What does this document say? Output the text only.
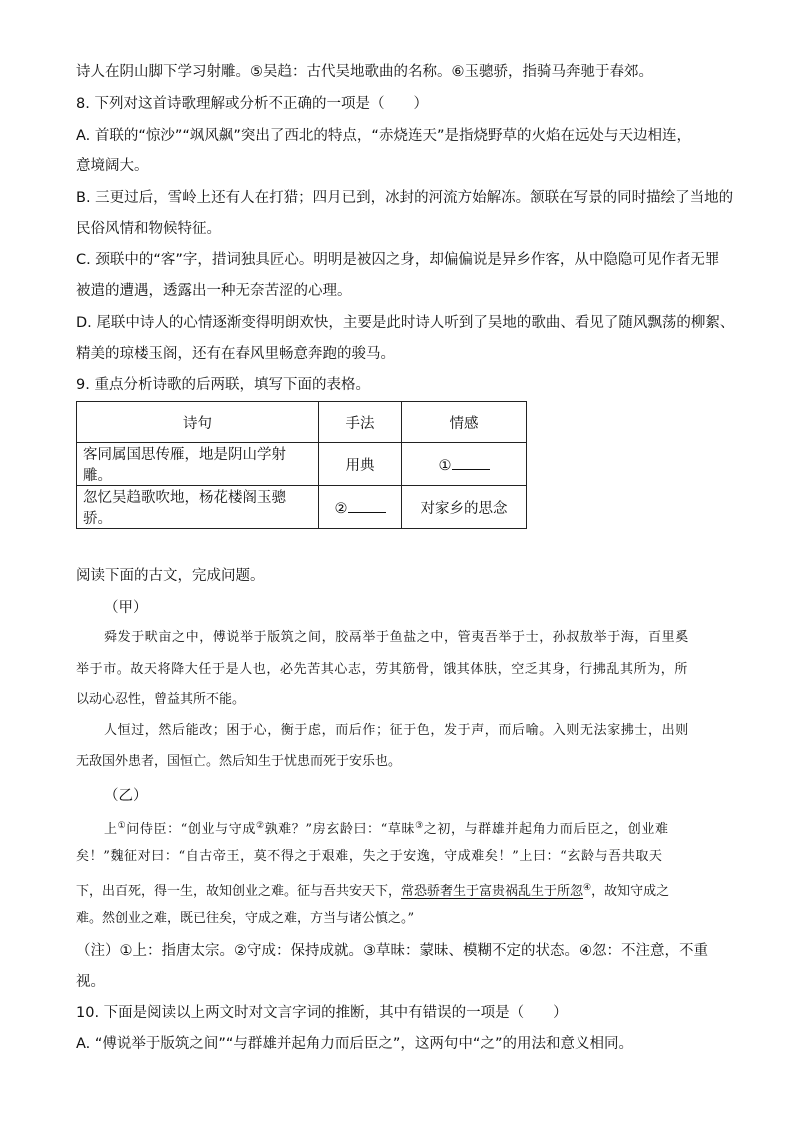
诗人在阴山脚下学习射雕。⑤吴趋：古代吴地歌曲的名称。⑥玉骢骄，指骑马奔驰于春郊。
8. 下列对这首诗歌理解或分析不正确的一项是（　　）
A. 首联的“惊沙”“飒风飙”突出了西北的特点，“赤烧连天”是指烧野草的火焰在远处与天边相连，
意境阔大。
B. 三更过后，雪岭上还有人在打猎；四月已到，冰封的河流方始解冻。颔联在写景的同时描绘了当地的
民俗风情和物候特征。
C. 颈联中的“客”字，措词独具匠心。明明是被囚之身，却偏偏说是异乡作客，从中隐隐可见作者无罪
被遣的遭遇，透露出一种无奈苦涩的心理。
D. 尾联中诗人的心情逐渐变得明朗欢快，主要是此时诗人听到了吴地的歌曲、看见了随风飘荡的柳絮、
精美的琼楼玉阁，还有在春风里畅意奔跑的骏马。
9. 重点分析诗歌的后两联，填写下面的表格。
诗句	手法	情感
客同属国思传雁，地是阴山学射雕。	用典	①
忽忆吴趋歌吹地，杨花楼阁玉骢骄。	②	对家乡的思念
阅读下面的古文，完成问题。
（甲）
舜发于畎亩之中，傅说举于版筑之间，胶鬲举于鱼盐之中，管夷吾举于士，孙叔敖举于海，百里奚
举于市。故天将降大任于是人也，必先苦其心志，劳其筋骨，饿其体肤，空乏其身，行拂乱其所为，所
以动心忍性，曾益其所不能。
人恒过，然后能改；困于心，衡于虑，而后作；征于色，发于声，而后喻。入则无法家拂士，出则
无敌国外患者，国恒亡。然后知生于忧患而死于安乐也。
（乙）
上①问侍臣：“创业与守成②孰难？”房玄龄曰：“草昧③之初，与群雄并起角力而后臣之，创业难
矣！”魏征对曰：“自古帝王，莫不得之于艰难，失之于安逸，守成难矣！”上曰：“玄龄与吾共取天
下，出百死，得一生，故知创业之难。征与吾共安天下，常恐骄奢生于富贵祸乱生于所忽④，故知守成之
难。然创业之难，既已往矣，守成之难，方当与诸公慎之。”
（注）①上：指唐太宗。②守成：保持成就。③草昧：蒙昧、模糊不定的状态。④忽：不注意，不重
视。
10. 下面是阅读以上两文时对文言字词的推断，其中有错误的一项是（　　）
A. “傅说举于版筑之间”“与群雄并起角力而后臣之”，这两句中“之”的用法和意义相同。
